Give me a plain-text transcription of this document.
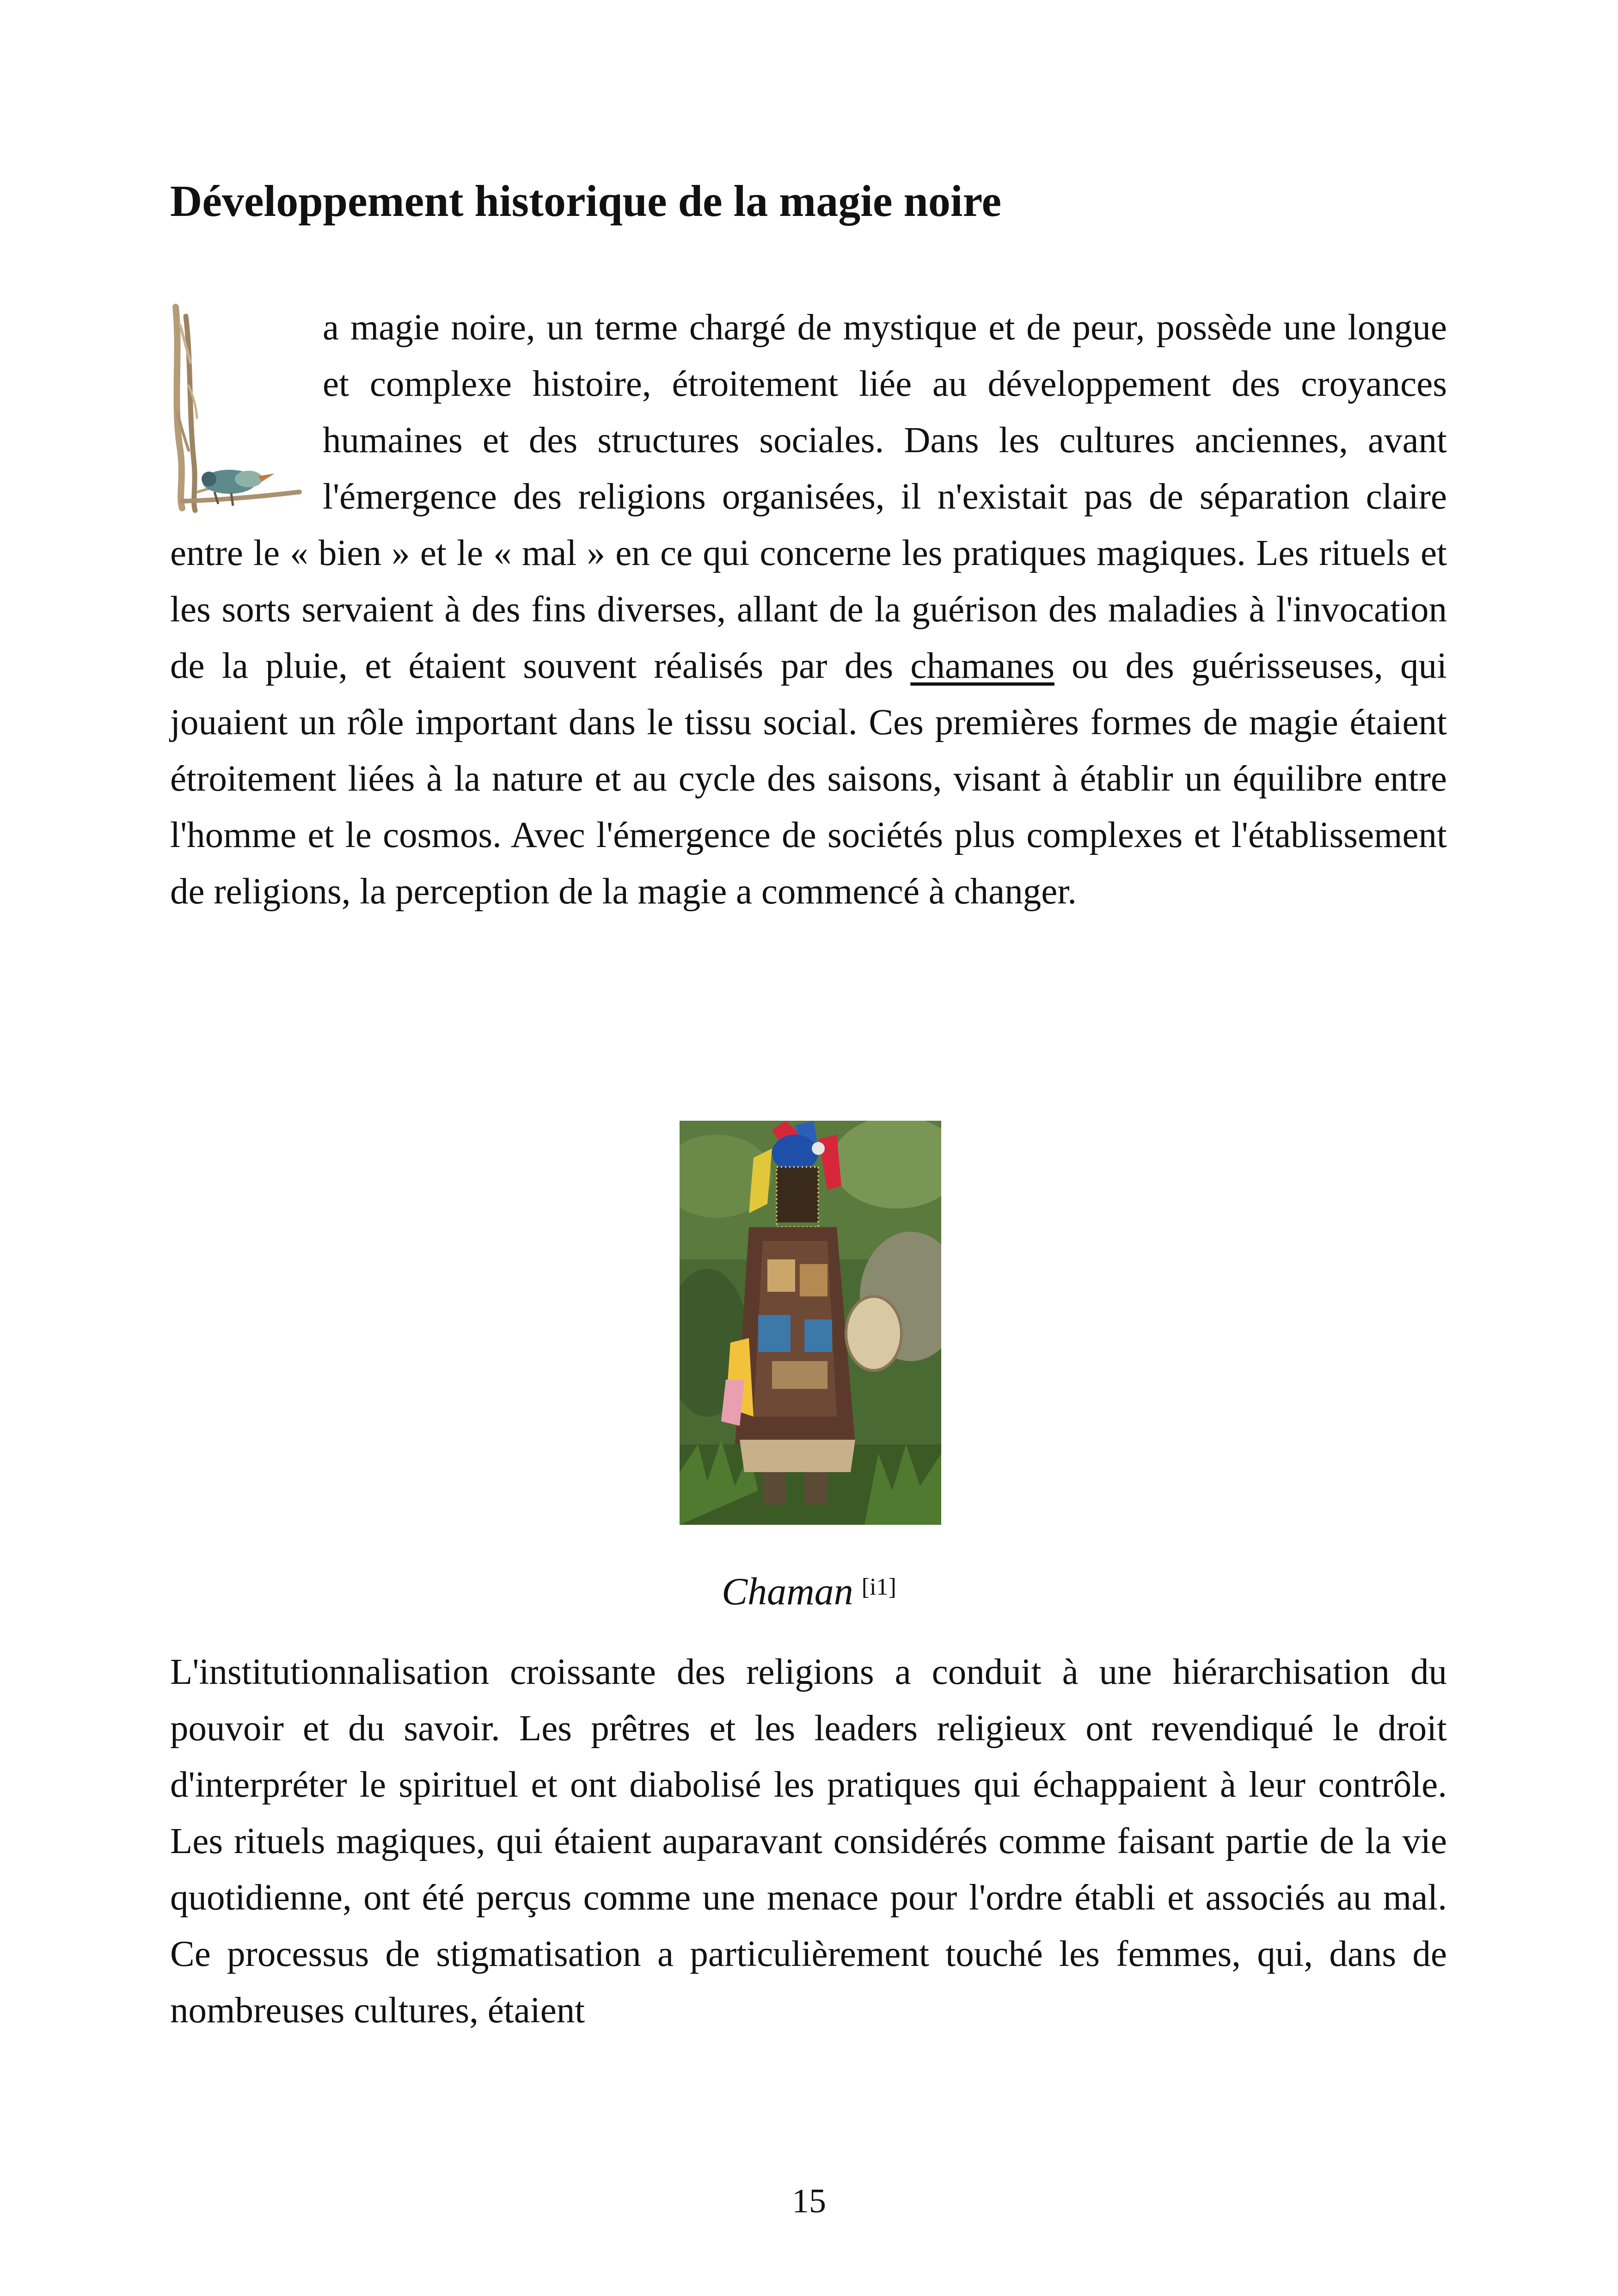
Développement historique de la magie noire

a magie noire, un terme chargé de mystique et de peur, possède une longue et complexe histoire, étroitement liée au développement des croyances humaines et des structures sociales. Dans les cultures anciennes, avant l'émergence des religions organisées, il n'existait pas de séparation claire entre le « bien » et le « mal » en ce qui concerne les pratiques magiques. Les rituels et les sorts servaient à des fins diverses, allant de la guérison des maladies à l'invocation de la pluie, et étaient souvent réalisés par des chamanes ou des guérisseuses, qui jouaient un rôle important dans le tissu social. Ces premières formes de magie étaient étroitement liées à la nature et au cycle des saisons, visant à établir un équilibre entre l'homme et le cosmos. Avec l'émergence de sociétés plus complexes et l'établissement de religions, la perception de la magie a commencé à changer.

Chaman [i1]

L'institutionnalisation croissante des religions a conduit à une hiérarchisation du pouvoir et du savoir. Les prêtres et les leaders religieux ont revendiqué le droit d'interpréter le spirituel et ont diabolisé les pratiques qui échappaient à leur contrôle. Les rituels magiques, qui étaient auparavant considérés comme faisant partie de la vie quotidienne, ont été perçus comme une menace pour l'ordre établi et associés au mal. Ce processus de stigmatisation a particulièrement touché les femmes, qui, dans de nombreuses cultures, étaient

15
